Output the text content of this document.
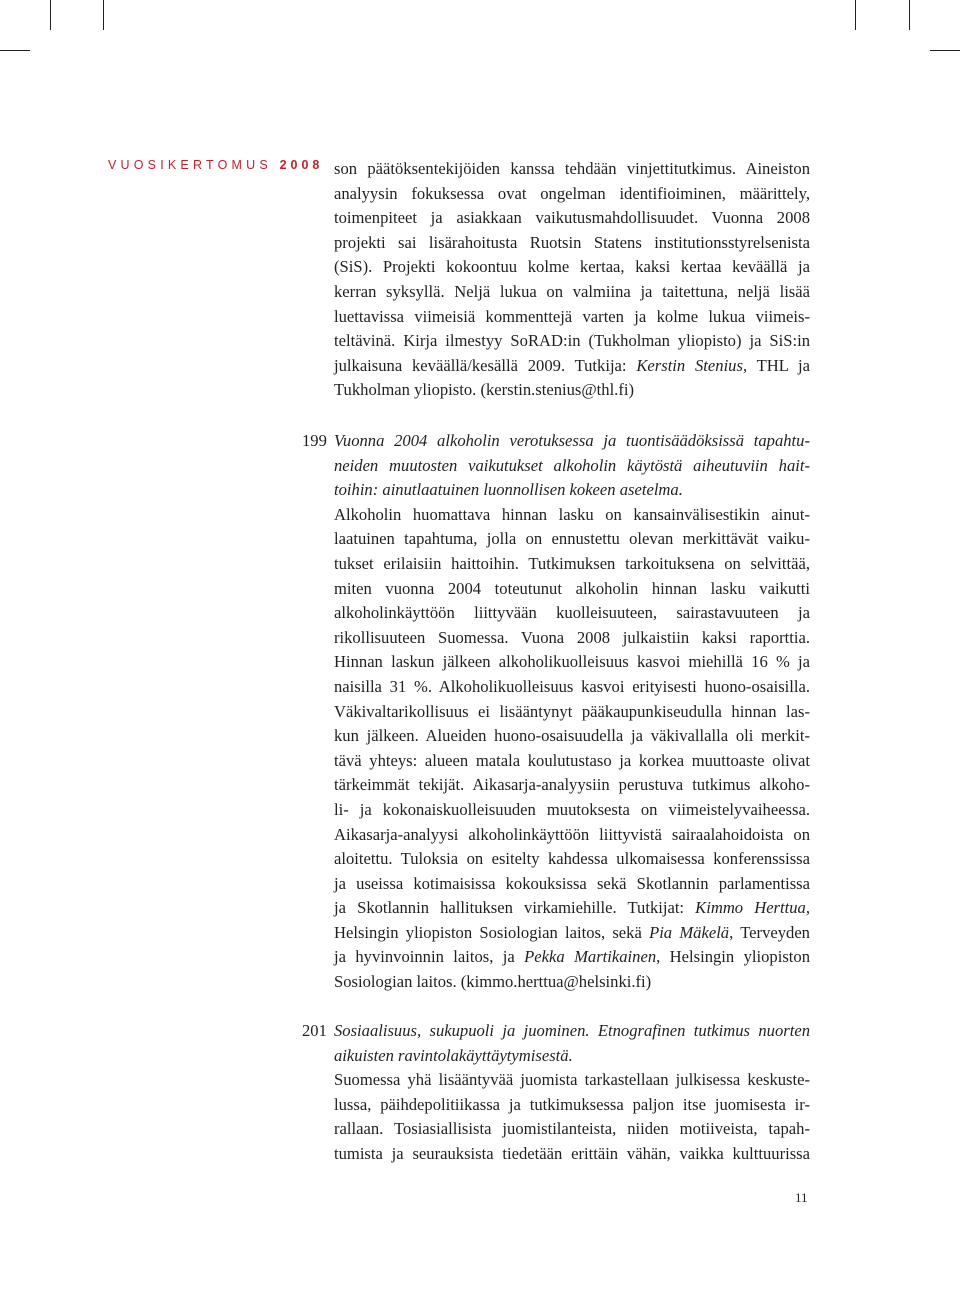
VUOSIKERTOMUS 2008 son päätöksentekijöiden kanssa tehdään vinjettitutkimus. Aineiston
analyysin fokuksessa ovat ongelman identifioiminen, määrittely,
toimenpiteet ja asiakkaan vaikutusmahdollisuudet. Vuonna 2008
projekti sai lisärahoitusta Ruotsin Statens institutionsstyrelsenista
(SiS). Projekti kokoontuu kolme kertaa, kaksi kertaa keväällä ja
kerran syksyllä. Neljä lukua on valmiina ja taitettuna, neljä lisää
luettavissa viimeisiä kommenttejä varten ja kolme lukua viimeis-
teltävinä. Kirja ilmestyy SoRAD:in (Tukholman yliopisto) ja SiS:in
julkaisuna keväällä/kesällä 2009. Tutkija: Kerstin Stenius, THL ja
Tukholman yliopisto. (kerstin.stenius@thl.fi)
199 Vuonna 2004 alkoholin verotuksessa ja tuontisäädöksissä tapahtu-
neiden muutosten vaikutukset alkoholin käytöstä aiheutuviin hait-
toihin: ainutlaatuinen luonnollisen kokeen asetelma.
Alkoholin huomattava hinnan lasku on kansainvälisestikin ainut-
laatuinen tapahtuma, jolla on ennustettu olevan merkittävät vaiku-
tukset erilaisiin haittoihin. Tutkimuksen tarkoituksena on selvittää,
miten vuonna 2004 toteutunut alkoholin hinnan lasku vaikutti
alkoholinkäyttöön liittyvään kuolleisuuteen, sairastavuuteen ja
rikollisuuteen Suomessa. Vuona 2008 julkaistiin kaksi raporttia.
Hinnan laskun jälkeen alkoholikuolleisuus kasvoi miehillä 16 % ja
naisilla 31 %. Alkoholikuolleisuus kasvoi erityisesti huono-osaisilla.
Väkivaltarikollisuus ei lisääntynyt pääkaupunkiseudulla hinnan las-
kun jälkeen. Alueiden huono-osaisuudella ja väkivallalla oli merkit-
tävä yhteys: alueen matala koulutustaso ja korkea muuttoaste olivat
tärkeimmät tekijät. Aikasarja-analyysiin perustuva tutkimus alkoho-
li- ja kokonaiskuolleisuuden muutoksesta on viimeistelyvaiheessa.
Aikasarja-analyysi alkoholinkäyttöön liittyvistä sairaalahoidoista on
aloitettu. Tuloksia on esitelty kahdessa ulkomaisessa konferenssissa
ja useissa kotimaisissa kokouksissa sekä Skotlannin parlamentissa
ja Skotlannin hallituksen virkamiehille. Tutkijat: Kimmo Herttua,
Helsingin yliopiston Sosiologian laitos, sekä Pia Mäkelä, Terveyden
ja hyvinvoinnin laitos, ja Pekka Martikainen, Helsingin yliopiston
Sosiologian laitos. (kimmo.herttua@helsinki.fi)
201 Sosiaalisuus, sukupuoli ja juominen. Etnografinen tutkimus nuorten
aikuisten ravintolakäyttäytymisestä.
Suomessa yhä lisääntyvää juomista tarkastellaan julkisessa keskuste-
lussa, päihdepolitiikassa ja tutkimuksessa paljon itse juomisesta ir-
rallaan. Tosiasiallisista juomistilanteista, niiden motiiveista, tapah-
tumista ja seurauksista tiedetään erittäin vähän, vaikka kulttuurissa
11
